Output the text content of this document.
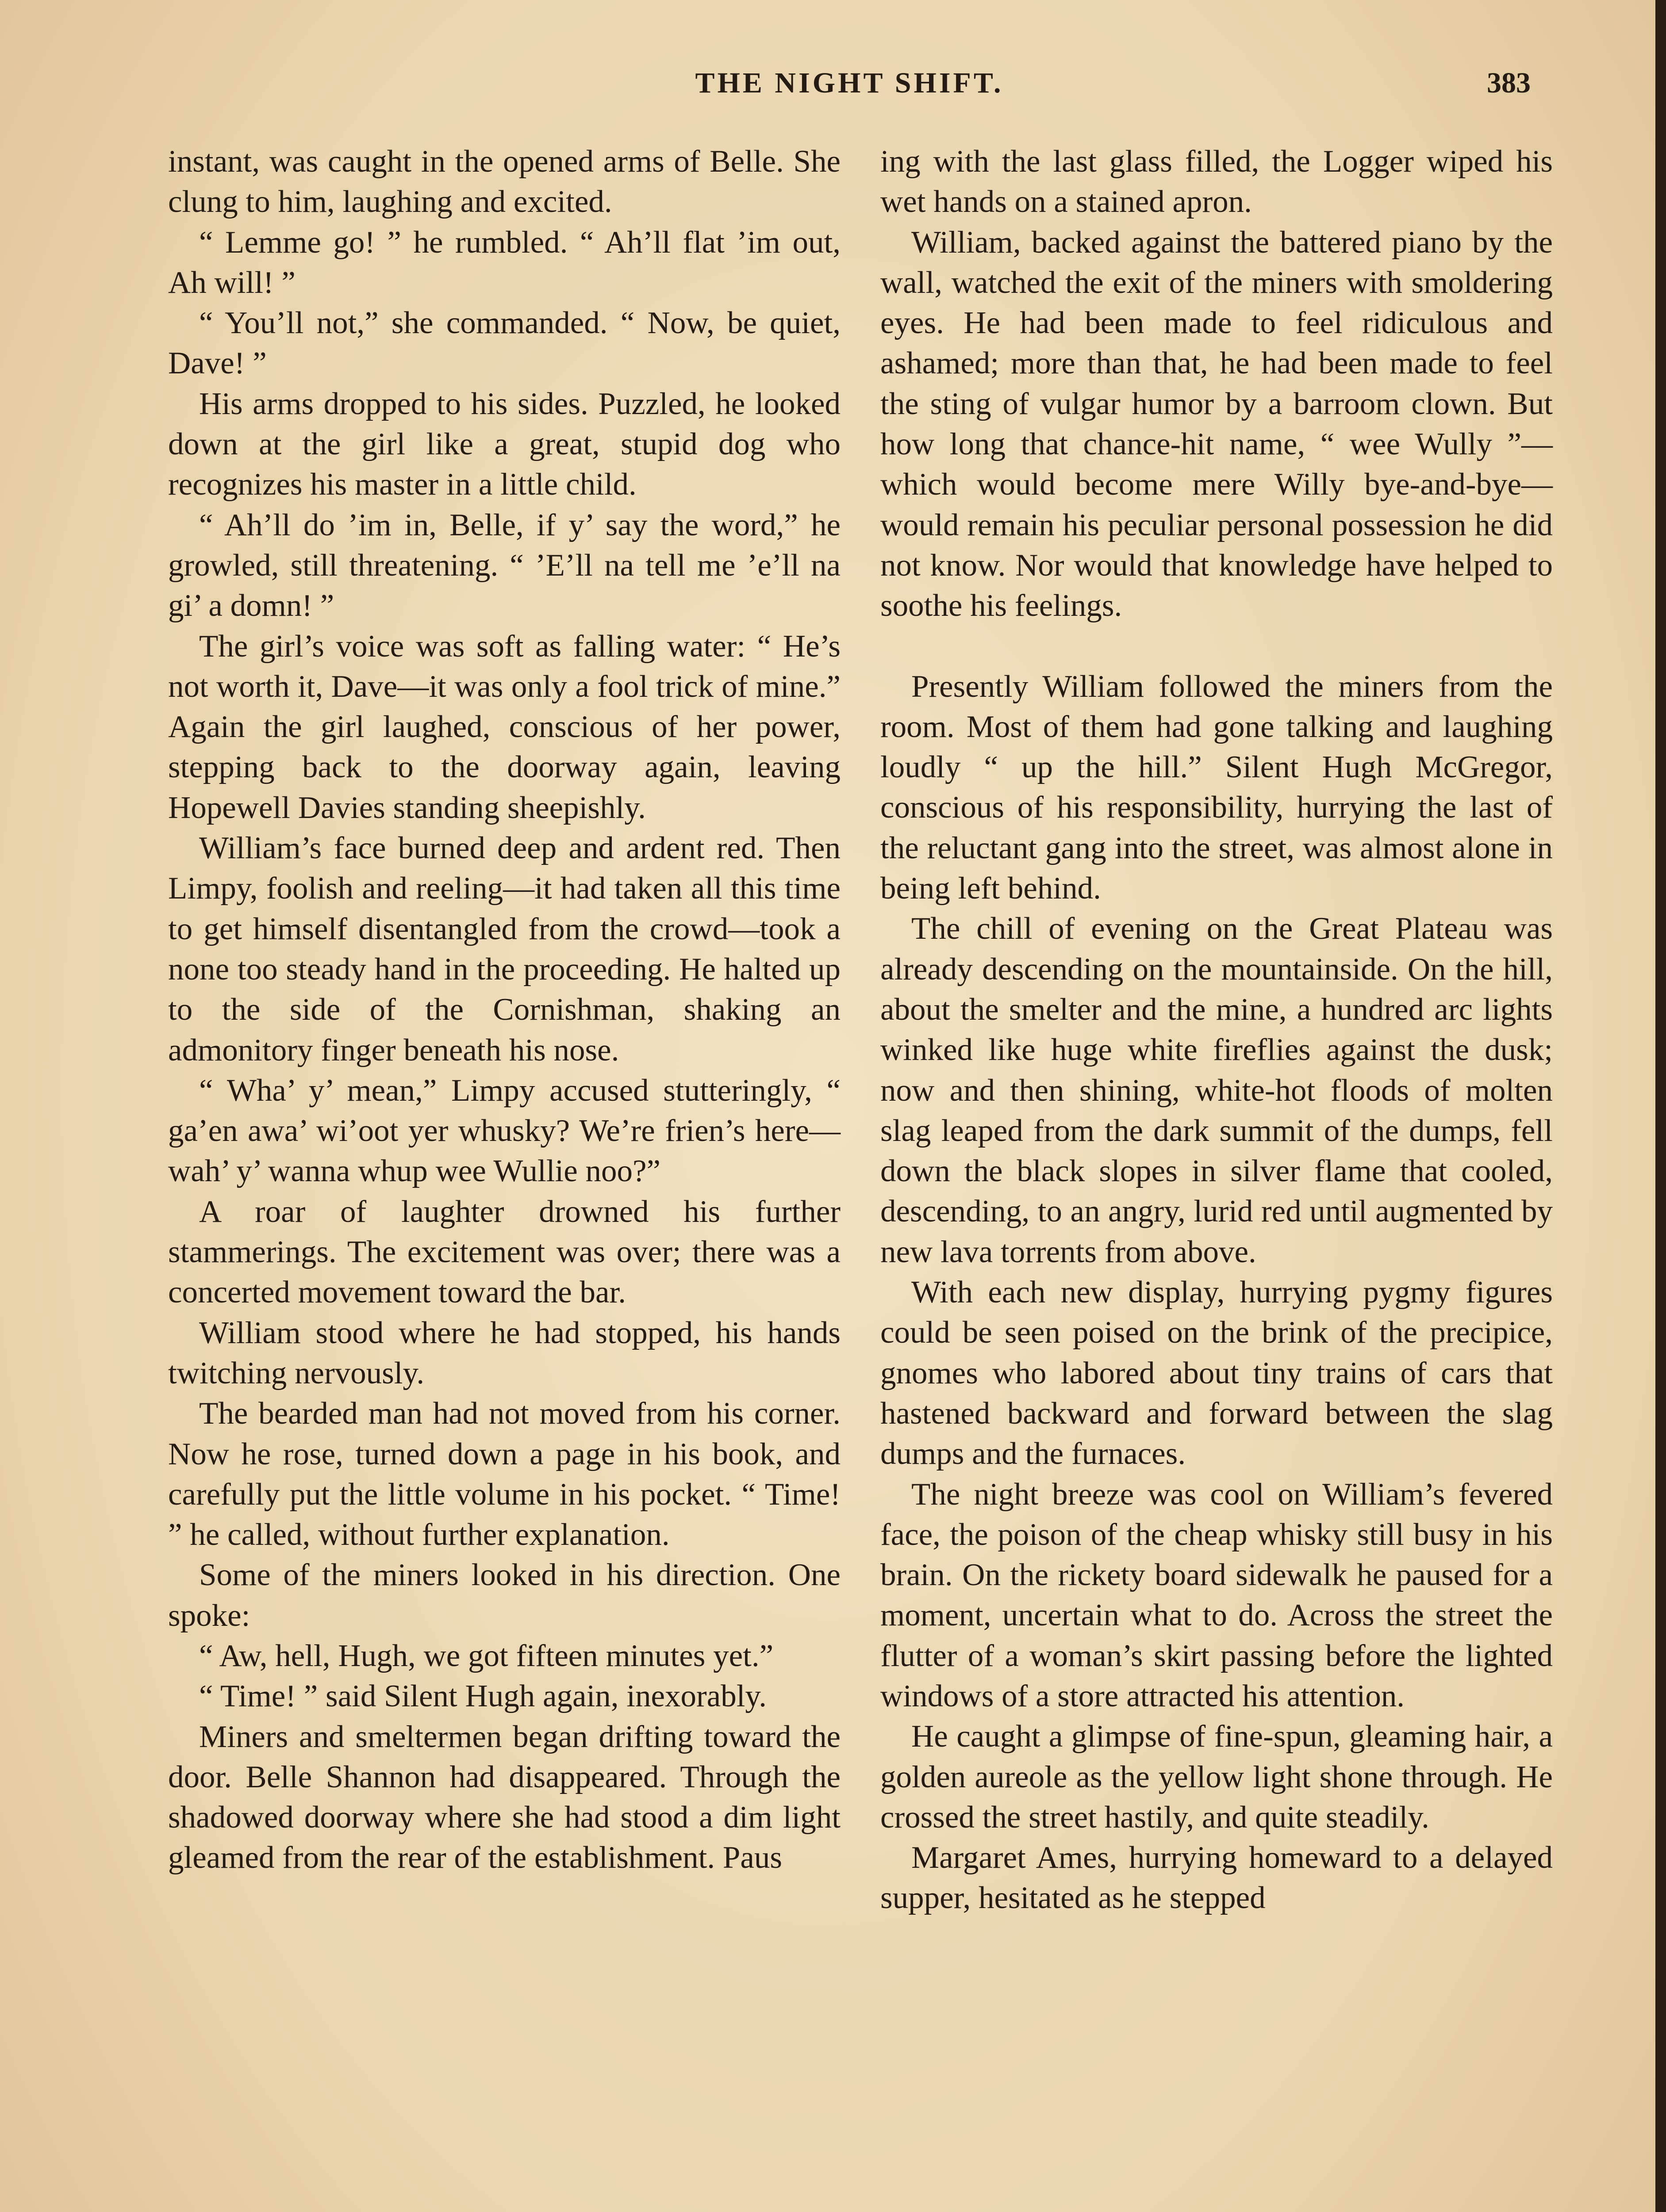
THE NIGHT SHIFT.	383

instant, was caught in the opened arms of Belle. She clung to him, laughing and excited.

“ Lemme go! ” he rumbled. “ Ah’ll flat ’im out, Ah will! ”

“ You’ll not,” she commanded. “ Now, be quiet, Dave! ”

His arms dropped to his sides. Puzzled, he looked down at the girl like a great, stupid dog who recognizes his master in a little child.

“ Ah’ll do ’im in, Belle, if y’ say the word,” he growled, still threatening. “ ’E’ll na tell me ’e’ll na gi’ a domn! ”

The girl’s voice was soft as falling water: “ He’s not worth it, Dave—it was only a fool trick of mine.” Again the girl laughed, conscious of her power, stepping back to the doorway again, leaving Hopewell Davies standing sheepishly.

William’s face burned deep and ardent red. Then Limpy, foolish and reeling—it had taken all this time to get himself disentangled from the crowd—took a none too steady hand in the proceeding. He halted up to the side of the Cornishman, shaking an admonitory finger beneath his nose.

“ Wha’ y’ mean,” Limpy accused stutteringly, “ ga’en awa’ wi’oot yer whusky? We’re frien’s here—wah’ y’ wanna whup wee Wullie noo?”

A roar of laughter drowned his further stammerings. The excitement was over; there was a concerted movement toward the bar.

William stood where he had stopped, his hands twitching nervously.

The bearded man had not moved from his corner. Now he rose, turned down a page in his book, and carefully put the little volume in his pocket. “ Time! ” he called, without further explanation.

Some of the miners looked in his direction. One spoke:

“ Aw, hell, Hugh, we got fifteen minutes yet.”

“ Time! ” said Silent Hugh again, inexorably.

Miners and smeltermen began drifting toward the door. Belle Shannon had disappeared. Through the shadowed doorway where she had stood a dim light gleamed from the rear of the establishment. Paus

ing with the last glass filled, the Logger wiped his wet hands on a stained apron.

William, backed against the battered piano by the wall, watched the exit of the miners with smoldering eyes. He had been made to feel ridiculous and ashamed; more than that, he had been made to feel the sting of vulgar humor by a barroom clown. But how long that chance-hit name, “ wee Wully ”—which would become mere Willy bye-and-bye—would remain his peculiar personal possession he did not know. Nor would that knowledge have helped to soothe his feelings.

Presently William followed the miners from the room. Most of them had gone talking and laughing loudly “ up the hill.” Silent Hugh McGregor, conscious of his responsibility, hurrying the last of the reluctant gang into the street, was almost alone in being left behind.

The chill of evening on the Great Plateau was already descending on the mountainside. On the hill, about the smelter and the mine, a hundred arc lights winked like huge white fireflies against the dusk; now and then shining, white-hot floods of molten slag leaped from the dark summit of the dumps, fell down the black slopes in silver flame that cooled, descending, to an angry, lurid red until augmented by new lava torrents from above.

With each new display, hurrying pygmy figures could be seen poised on the brink of the precipice, gnomes who labored about tiny trains of cars that hastened backward and forward between the slag dumps and the furnaces.

The night breeze was cool on William’s fevered face, the poison of the cheap whisky still busy in his brain. On the rickety board sidewalk he paused for a moment, uncertain what to do. Across the street the flutter of a woman’s skirt passing before the lighted windows of a store attracted his attention.

He caught a glimpse of fine-spun, gleaming hair, a golden aureole as the yellow light shone through. He crossed the street hastily, and quite steadily.

Margaret Ames, hurrying homeward to a delayed supper, hesitated as he stepped
